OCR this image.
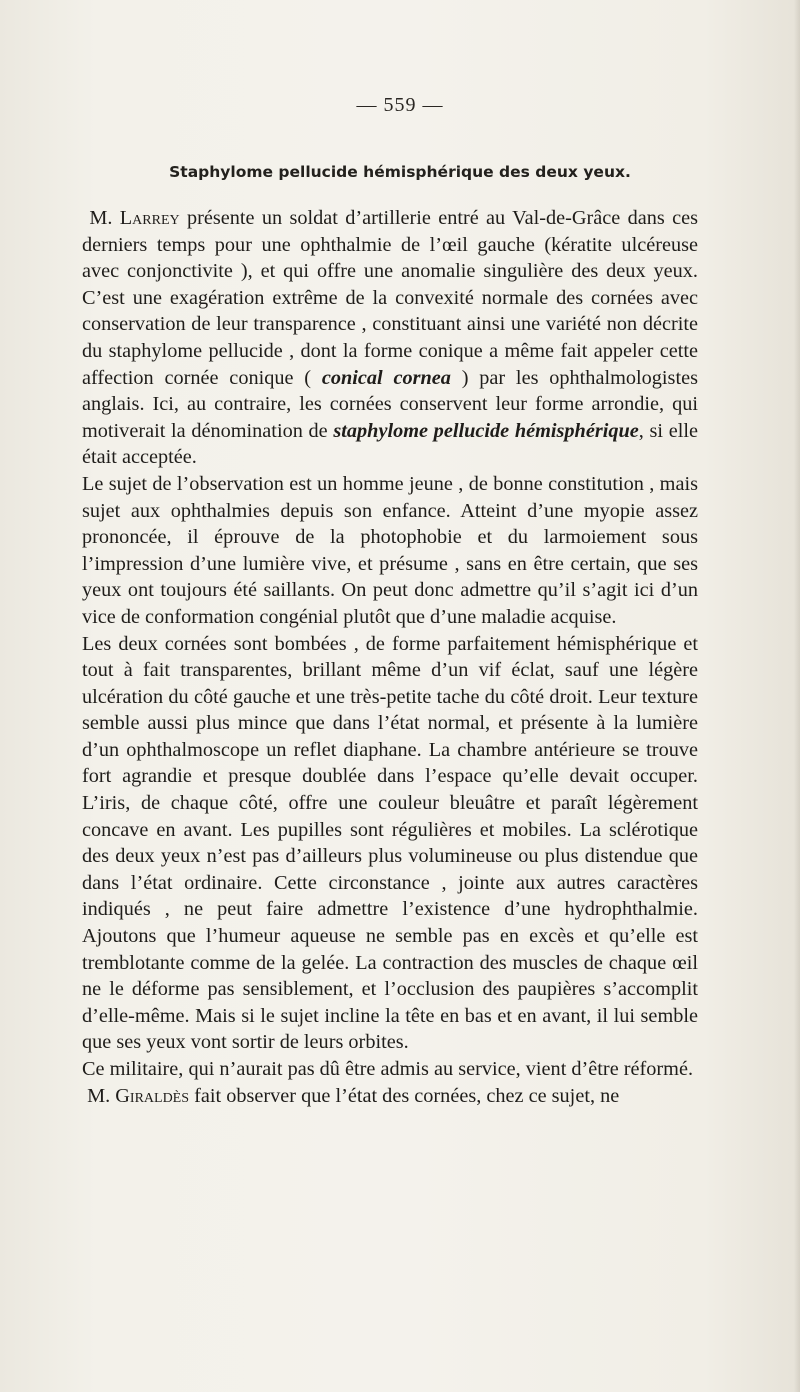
— 559 —
Staphylome pellucide hémisphérique des deux yeux.

M. Larrey présente un soldat d’artillerie entré au Val-de-Grâce dans ces derniers temps pour une ophthalmie de l’œil gauche (kératite ulcéreuse avec conjonctivite ), et qui offre une anomalie singulière des deux yeux. C’est une exagération extrême de la convexité normale des cornées avec conservation de leur transparence , constituant ainsi une variété non décrite du staphylome pellucide , dont la forme conique a même fait appeler cette affection cornée conique ( conical cornea ) par les ophthalmologistes anglais. Ici, au contraire, les cornées conservent leur forme arrondie, qui motiverait la dénomination de staphylome pellucide hémisphérique, si elle était acceptée.

Le sujet de l’observation est un homme jeune , de bonne constitution , mais sujet aux ophthalmies depuis son enfance. Atteint d’une myopie assez prononcée, il éprouve de la photophobie et du larmoiement sous l’impression d’une lumière vive, et présume , sans en être certain, que ses yeux ont toujours été saillants. On peut donc admettre qu’il s’agit ici d’un vice de conformation congénial plutôt que d’une maladie acquise.

Les deux cornées sont bombées , de forme parfaitement hémisphérique et tout à fait transparentes, brillant même d’un vif éclat, sauf une légère ulcération du côté gauche et une très-petite tache du côté droit. Leur texture semble aussi plus mince que dans l’état normal, et présente à la lumière d’un ophthalmoscope un reflet diaphane. La chambre antérieure se trouve fort agrandie et presque doublée dans l’espace qu’elle devait occuper. L’iris, de chaque côté, offre une couleur bleuâtre et paraît légèrement concave en avant. Les pupilles sont régulières et mobiles. La sclérotique des deux yeux n’est pas d’ailleurs plus volumineuse ou plus distendue que dans l’état ordinaire. Cette circonstance , jointe aux autres caractères indiqués , ne peut faire admettre l’existence d’une hydrophthalmie. Ajoutons que l’humeur aqueuse ne semble pas en excès et qu’elle est tremblotante comme de la gelée. La contraction des muscles de chaque œil ne le déforme pas sensiblement, et l’occlusion des paupières s’accomplit d’elle-même. Mais si le sujet incline la tête en bas et en avant, il lui semble que ses yeux vont sortir de leurs orbites.

Ce militaire, qui n’aurait pas dû être admis au service, vient d’être réformé.

M. Giraldès fait observer que l’état des cornées, chez ce sujet, ne
